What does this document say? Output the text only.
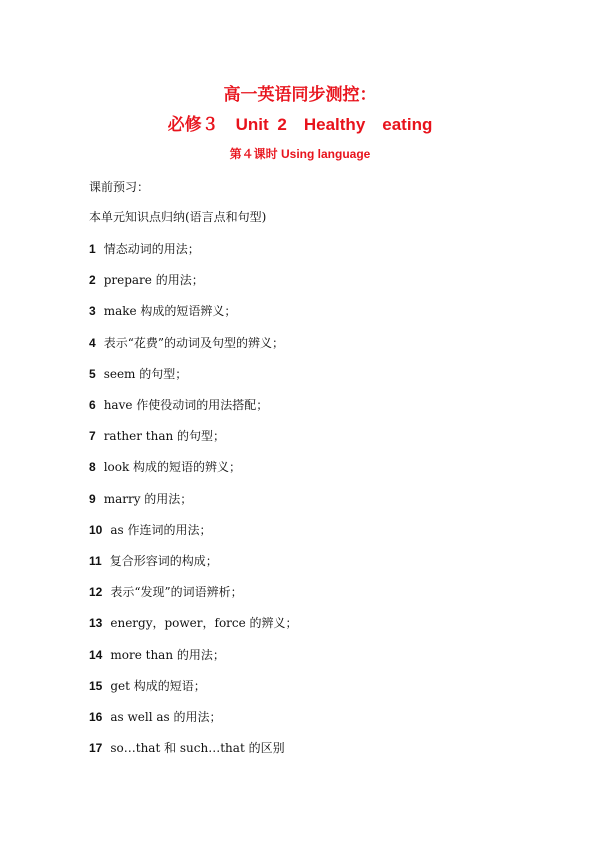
高一英语同步测控：
必修３　Unit 2　Healthy　eating
第４课时 Using language
课前预习：
本单元知识点归纳(语言点和句型)
1 情态动词的用法；
2 prepare 的用法；
3 make 构成的短语辨义；
4 表示“花费”的动词及句型的辨义；
5 seem 的句型；
6 have 作使役动词的用法搭配；
7 rather than 的句型；
8 look 构成的短语的辨义；
9 marry 的用法；
10 as 作连词的用法；
11 复合形容词的构成；
12 表示“发现”的词语辨析；
13 energy，power，force 的辨义；
14 more than 的用法；
15 get 构成的短语；
16 as well as 的用法；
17 so…that 和 such…that 的区别
